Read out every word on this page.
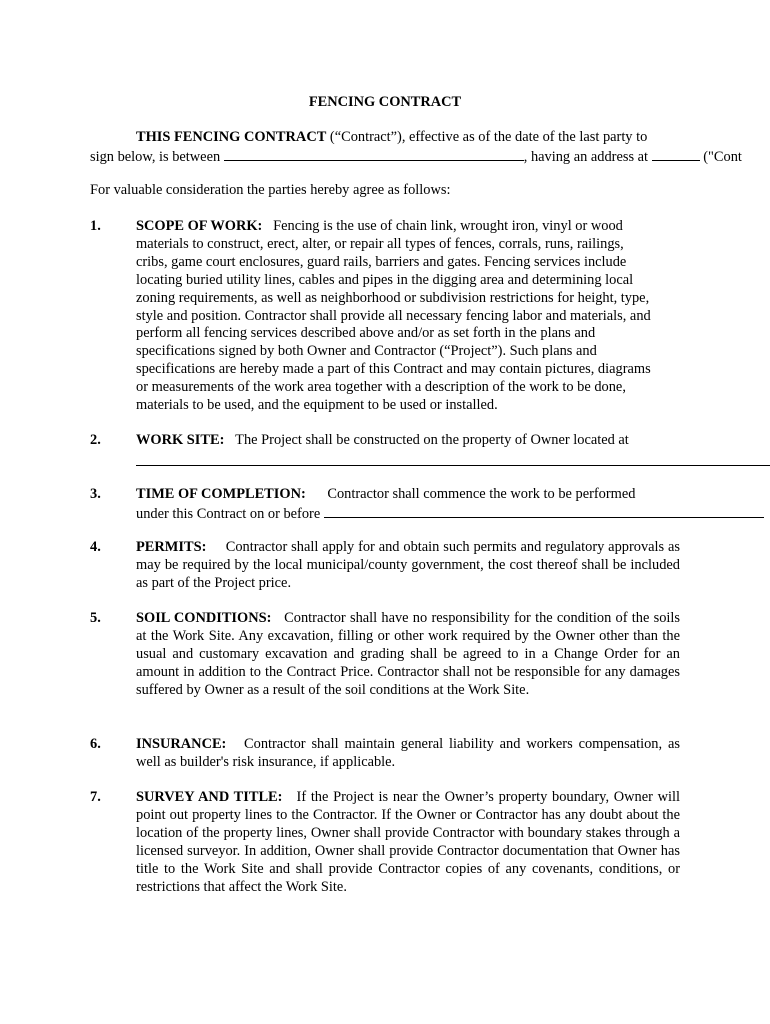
FENCING CONTRACT
THIS FENCING CONTRACT (“Contract”), effective as of the date of the last party to
sign below, is between	, having an address at	("Cont
For valuable consideration the parties hereby agree as follows:
1. SCOPE OF WORK: Fencing is the use of chain link, wrought iron, vinyl or wood
materials to construct, erect, alter, or repair all types of fences, corrals, runs, railings,
cribs, game court enclosures, guard rails, barriers and gates. Fencing services include
locating buried utility lines, cables and pipes in the digging area and determining local
zoning requirements, as well as neighborhood or subdivision restrictions for height, type,
style and position. Contractor shall provide all necessary fencing labor and materials, and
perform all fencing services described above and/or as set forth in the plans and
specifications signed by both Owner and Contractor (“Project”). Such plans and
specifications are hereby made a part of this Contract and may contain pictures, diagrams
or measurements of the work area together with a description of the work to be done,
materials to be used, and the equipment to be used or installed.
2. WORK SITE: The Project shall be constructed on the property of Owner located at
3. TIME OF COMPLETION: Contractor shall commence the work to be performed
under this Contract on or before
4. PERMITS: Contractor shall apply for and obtain such permits and regulatory approvals as may be required by the local municipal/county government, the cost thereof shall be included as part of the Project price.
5. SOIL CONDITIONS: Contractor shall have no responsibility for the condition of the soils at the Work Site. Any excavation, filling or other work required by the Owner other than the usual and customary excavation and grading shall be agreed to in a Change Order for an amount in addition to the Contract Price. Contractor shall not be responsible for any damages suffered by Owner as a result of the soil conditions at the Work Site.
6. INSURANCE: Contractor shall maintain general liability and workers compensation, as well as builder's risk insurance, if applicable.
7. SURVEY AND TITLE: If the Project is near the Owner’s property boundary, Owner will point out property lines to the Contractor. If the Owner or Contractor has any doubt about the location of the property lines, Owner shall provide Contractor with boundary stakes through a licensed surveyor. In addition, Owner shall provide Contractor documentation that Owner has title to the Work Site and shall provide Contractor copies of any covenants, conditions, or restrictions that affect the Work Site.
